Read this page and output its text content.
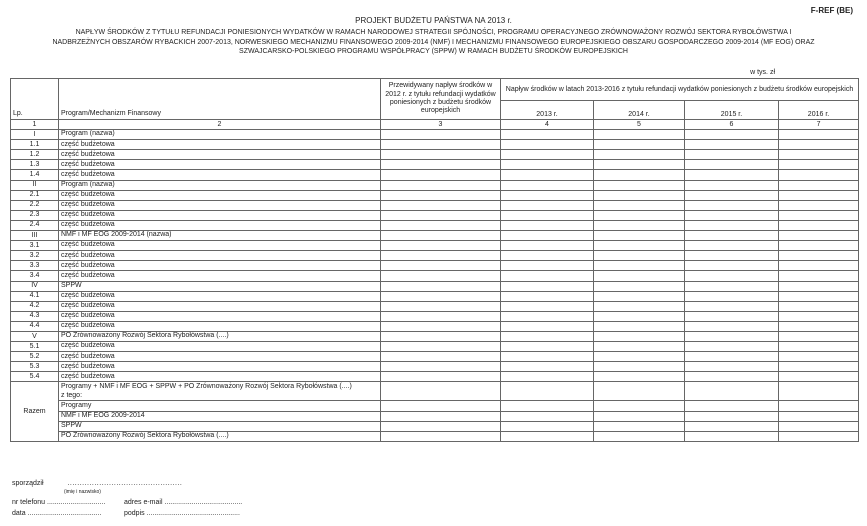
F-REF (BE)
PROJEKT BUDŻETU PAŃSTWA NA 2013 r.
NAPŁYW ŚRODKÓW Z TYTUŁU REFUNDACJI PONIESIONYCH WYDATKÓW W RAMACH NARODOWEJ STRATEGII SPÓJNOŚCI, PROGRAMU OPERACYJNEGO ZRÓWNOWAŻONY ROZWÓJ SEKTORA RYBOŁÓWSTWA I
NADBRZEŻNYCH OBSZARÓW RYBACKICH 2007-2013, NORWESKIEGO MECHANIZMU FINANSOWEGO 2009-2014 (NMF) I MECHANIZMU FINANSOWEGO EUROPEJSKIEGO OBSZARU GOSPODARCZEGO 2009-2014 (MF EOG) ORAZ
SZWAJCARSKO-POLSKIEGO PROGRAMU WSPÓŁPRACY (SPPW) W RAMACH BUDŻETU ŚRODKÓW EUROPEJSKICH
w tys. zł
Lp.	Program/Mechanizm Finansowy	Przewidywany napływ środków w 2012 r. z tytułu refundacji wydatków poniesionych z budżetu środków europejskich	Napływ środków w latach 2013-2016 z tytułu refundacji wydatków poniesionych z budżetu środków europejskich			
			2013 r.	2014 r.	2015 r.	2016 r.
1	2	3	4	5	6	7
I	Program (nazwa)					
1.1	część budżetowa					
1.2	część budżetowa					
1.3	część budżetowa					
1.4	część budżetowa					
II	Program (nazwa)					
2.1	część budżetowa					
2.2	część budżetowa					
2.3	część budżetowa					
2.4	część budżetowa					
III	NMF i MF EOG 2009-2014 (nazwa)					
3.1	część budżetowa					
3.2	część budżetowa					
3.3	część budżetowa					
3.4	część budżetowa					
IV	SPPW					
4.1	część budżetowa					
4.2	część budżetowa					
4.3	część budżetowa					
4.4	część budżetowa					
V	PO Zrównoważony Rozwój Sektora Rybołówstwa (....)					
5.1	część budżetowa					
5.2	część budżetowa					
5.3	część budżetowa					
5.4	część budżetowa					
Razem	Programy + NMF i MF EOG + SPPW + PO Zrównoważony Rozwój Sektora Rybołówstwa (....)
z tego:					
	Programy					
	NMF i MF EOG 2009-2014					
	SPPW					
	PO Zrównoważony Rozwój Sektora Rybołówstwa (....)					
sporządził	...............................................
(imię i nazwisko)
nr telefonu ..............................	adres e-mail ........................................
data ......................................	podpis ................................................
